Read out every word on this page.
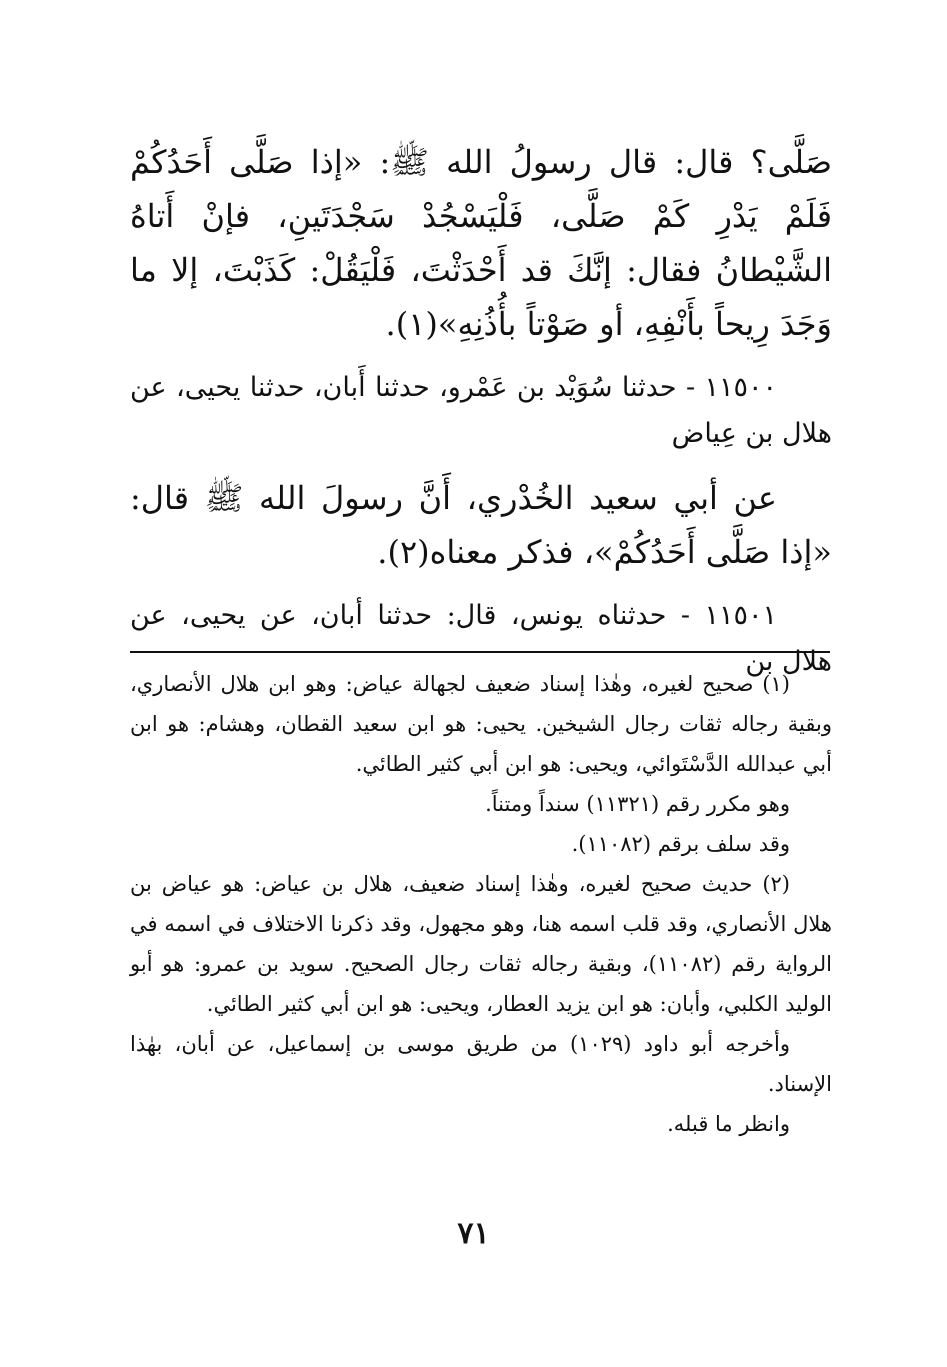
صَلَّى؟ قال: قال رسولُ الله ﷺ: «إذا صَلَّى أَحَدُكُمْ فَلَمْ يَدْرِ كَمْ صَلَّى، فَلْيَسْجُدْ سَجْدَتَينِ، فإنْ أَتاهُ الشَّيْطانُ فقال: إنَّكَ قد أَحْدَثْتَ، فَلْيَقُلْ: كَذَبْتَ، إلا ما وَجَدَ رِيحاً بأَنْفِهِ، أو صَوْتاً بأُذُنِهِ»(١).

١١٥٠٠ - حدثنا سُوَيْد بن عَمْرو، حدثنا أَبان، حدثنا يحيى، عن هلال بن عِياض

عن أبي سعيد الخُدْري، أَنَّ رسولَ الله ﷺ قال: «إذا صَلَّى أَحَدُكُمْ»، فذكر معناه(٢).

١١٥٠١ - حدثناه يونس، قال: حدثنا أبان، عن يحيى، عن هلال بن

(١) صحيح لغيره، وهٰذا إسناد ضعيف لجهالة عياض: وهو ابن هلال الأنصاري، وبقية رجاله ثقات رجال الشيخين. يحيى: هو ابن سعيد القطان، وهشام: هو ابن أبي عبدالله الدَّسْتَوائي، ويحيى: هو ابن أبي كثير الطائي.

وهو مكرر رقم (١١٣٢١) سنداً ومتناً.

وقد سلف برقم (١١٠٨٢).

(٢) حديث صحيح لغيره، وهٰذا إسناد ضعيف، هلال بن عياض: هو عياض بن هلال الأنصاري، وقد قلب اسمه هنا، وهو مجهول، وقد ذكرنا الاختلاف في اسمه في الرواية رقم (١١٠٨٢)، وبقية رجاله ثقات رجال الصحيح. سويد بن عمرو: هو أبو الوليد الكلبي، وأبان: هو ابن يزيد العطار، ويحيى: هو ابن أبي كثير الطائي.

وأخرجه أبو داود (١٠٢٩) من طريق موسى بن إسماعيل، عن أبان، بهٰذا الإسناد.

وانظر ما قبله.

٧١
